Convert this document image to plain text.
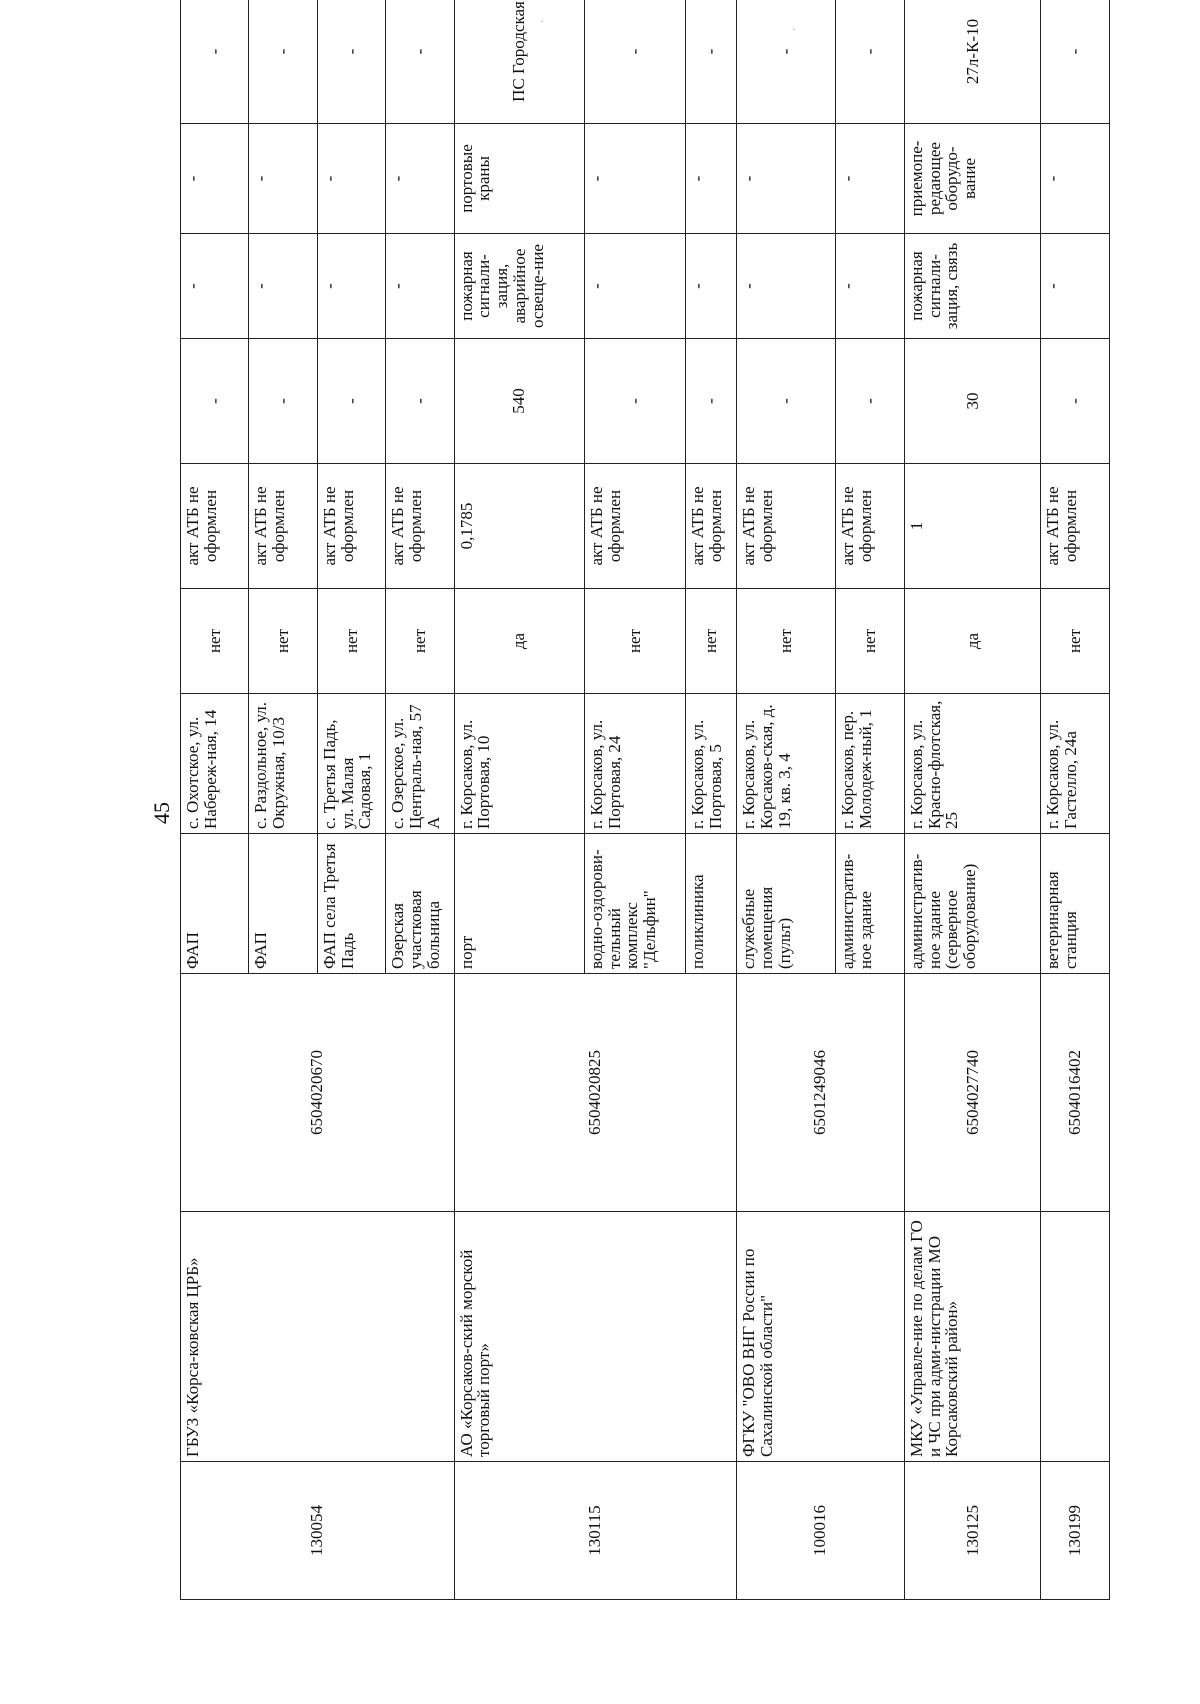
45
·
·
130054	ГБУЗ «Корса-ковская ЦРБ»	6504020670	ФАП	с. Охотское, ул. Набереж-ная, 14	нет	акт АТБ не оформлен	-	-	-	-
			ФАП	с. Раздольное, ул. Окружная, 10/3	нет	акт АТБ не оформлен	-	-	-	-
			ФАП села Третья Падь	с. Третья Падь, ул. Малая Садовая, 1	нет	акт АТБ не оформлен	-	-	-	-
			Озерская участковая больница	с. Озерское, ул. Централь-ная, 57 А	нет	акт АТБ не оформлен	-	-	-	-
130115	АО «Корсаков-ский морской торговый порт»	6504020825	порт	г. Корсаков, ул. Портовая, 10	да	0,1785	540	пожарная сигнали-зация, аварийное освеще-ние	портовые краны	ПС Городская
			водно-оздорови-тельный комплекс "Дельфин"	г. Корсаков, ул. Портовая, 24	нет	акт АТБ не оформлен	-	-	-	-
			поликлиника	г. Корсаков, ул. Портовая, 5	нет	акт АТБ не оформлен	-	-	-	-
100016	ФГКУ "ОВО ВНГ России по Сахалинской области"	6501249046	служебные помещения (пульт)	г. Корсаков, ул. Корсаков-ская, д. 19, кв. 3, 4	нет	акт АТБ не оформлен	-	-	-	-
			административ-ное здание	г. Корсаков, пер. Молодеж-ный, 1	нет	акт АТБ не оформлен	-	-	-	-
130125	МКУ «Управле-ние по делам ГО и ЧС при адми-нистрации МО Корсаковский район»	6504027740	административ-ное здание (серверное оборудование)	г. Корсаков, ул. Красно-флотская, 25	да	1	30	пожарная сигнали-зация, связь	приемопе-редающее оборудо-вание	27л-К-10
130199		6504016402	ветеринарная станция	г. Корсаков, ул. Гастелло, 24а	нет	акт АТБ не оформлен	-	-	-	-
